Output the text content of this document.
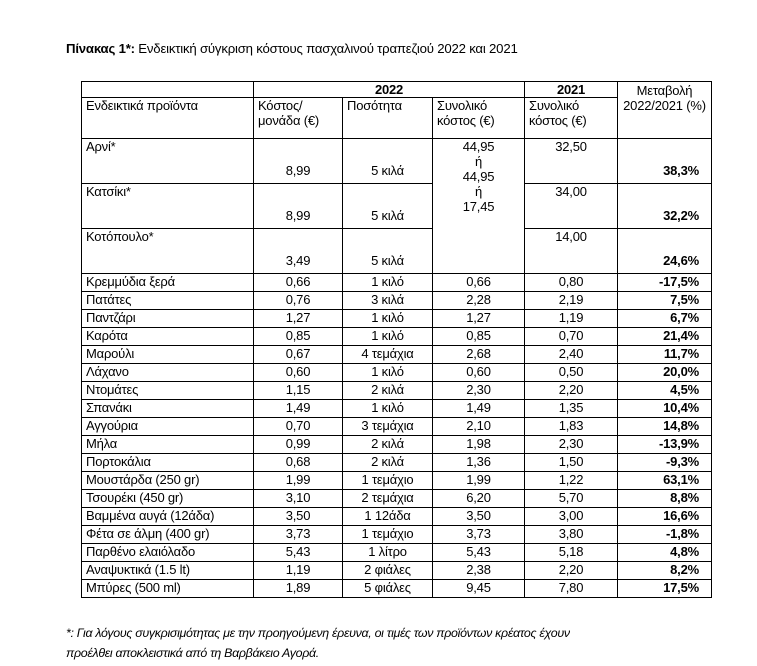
Πίνακας 1*: Ενδεικτική σύγκριση κόστους πασχαλινού τραπεζιού 2022 και 2021
	2022			2021	Μεταβολή 2022/2021 (%)
Ενδεικτικά προϊόντα	Κόστος/ μονάδα (€)	Ποσότητα	Συνολικό κόστος (€)	Συνολικό κόστος (€)	
Αρνί*	8,99	5 κιλά	44,95
ή
44,95
ή
17,45	32,50	38,3%
Κατσίκι*	8,99	5 κιλά		34,00	32,2%
Κοτόπουλο*	3,49	5 κιλά		14,00	24,6%
Κρεμμύδια ξερά	0,66	1 κιλό	0,66	0,80	-17,5%
Πατάτες	0,76	3 κιλά	2,28	2,19	7,5%
Παντζάρι	1,27	1 κιλό	1,27	1,19	6,7%
Καρότα	0,85	1 κιλό	0,85	0,70	21,4%
Μαρούλι	0,67	4 τεμάχια	2,68	2,40	11,7%
Λάχανο	0,60	1 κιλό	0,60	0,50	20,0%
Ντομάτες	1,15	2 κιλά	2,30	2,20	4,5%
Σπανάκι	1,49	1 κιλό	1,49	1,35	10,4%
Αγγούρια	0,70	3 τεμάχια	2,10	1,83	14,8%
Μήλα	0,99	2 κιλά	1,98	2,30	-13,9%
Πορτοκάλια	0,68	2 κιλά	1,36	1,50	-9,3%
Μουστάρδα (250 gr)	1,99	1 τεμάχιο	1,99	1,22	63,1%
Τσουρέκι (450 gr)	3,10	2 τεμάχια	6,20	5,70	8,8%
Βαμμένα αυγά (12άδα)	3,50	1 12άδα	3,50	3,00	16,6%
Φέτα σε άλμη (400 gr)	3,73	1 τεμάχιο	3,73	3,80	-1,8%
Παρθένο ελαιόλαδο	5,43	1 λίτρο	5,43	5,18	4,8%
Αναψυκτικά (1.5 lt)	1,19	2 φιάλες	2,38	2,20	8,2%
Μπύρες (500 ml)	1,89	5 φιάλες	9,45	7,80	17,5%
*: Για λόγους συγκρισιμότητας με την προηγούμενη έρευνα, οι τιμές των προϊόντων κρέατος έχουν
προέλθει αποκλειστικά από τη Βαρβάκειο Αγορά.
